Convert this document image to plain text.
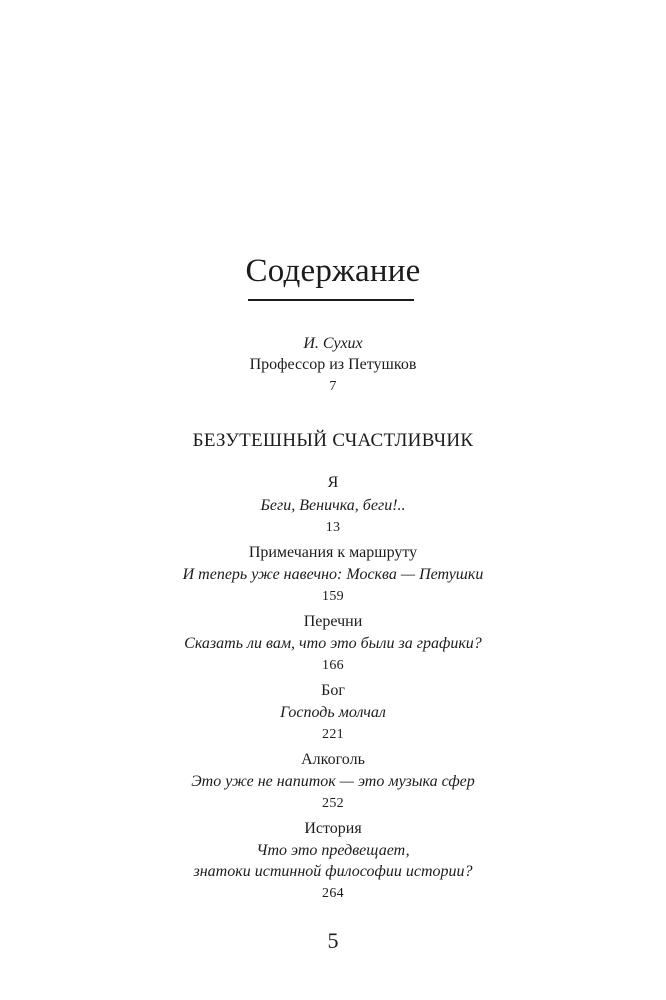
Содержание
И. Сухих
Профессор из Петушков
7
БЕЗУТЕШНЫЙ СЧАСТЛИВЧИК
Я
Беги, Веничка, беги!..
13
Примечания к маршруту
И теперь уже навечно: Москва — Петушки
159
Перечни
Сказать ли вам, что это были за графики?
166
Бог
Господь молчал
221
Алкоголь
Это уже не напиток — это музыка сфер
252
История
Что это предвещает,
знатоки истинной философии истории?
264
5
